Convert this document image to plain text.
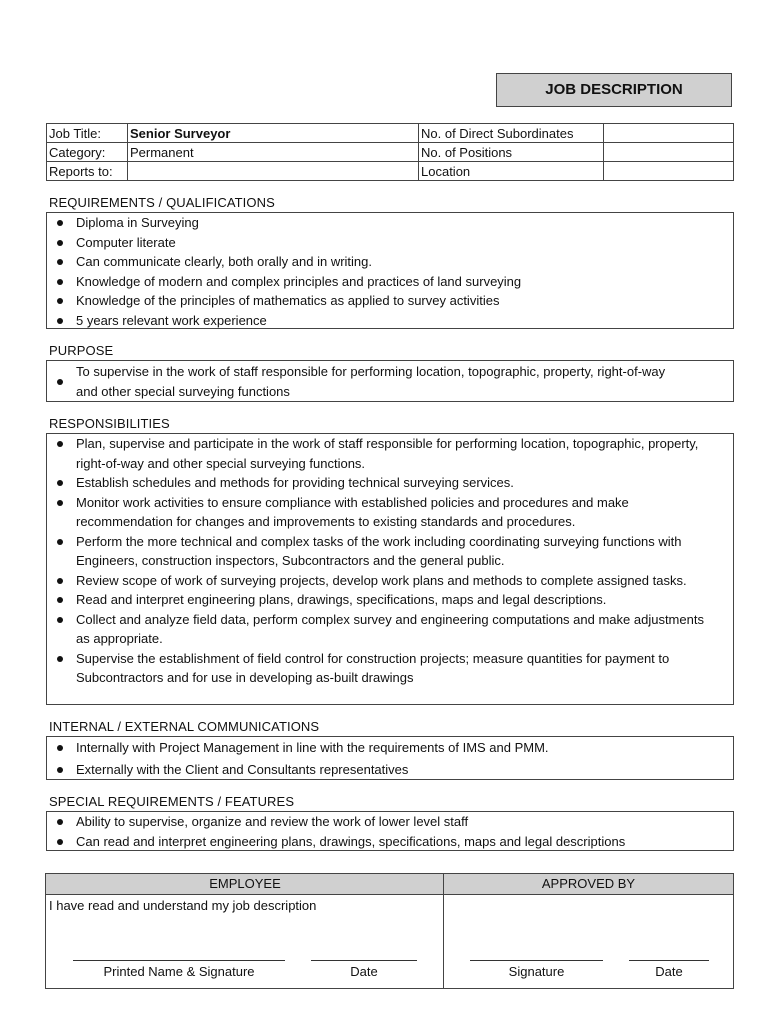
JOB DESCRIPTION
Job Title:	Senior Surveyor	No. of Direct Subordinates	
Category:	Permanent	No. of Positions	
Reports to:		Location	
REQUIREMENTS / QUALIFICATIONS
Diploma in Surveying
Computer literate
Can communicate clearly, both orally and in writing.
Knowledge of modern and complex principles and practices of land surveying
Knowledge of the principles of mathematics as applied to survey activities
5 years relevant work experience
PURPOSE
To supervise in the work of staff responsible for performing location, topographic, property, right-of-way and other special surveying functions
RESPONSIBILITIES
Plan, supervise and participate in the work of staff responsible for performing location, topographic, property, right-of-way and other special surveying functions.
Establish schedules and methods for providing technical surveying services.
Monitor work activities to ensure compliance with established policies and procedures and make recommendation for changes and improvements to existing standards and procedures.
Perform the more technical and complex tasks of the work including coordinating surveying functions with Engineers, construction inspectors, Subcontractors and the general public.
Review scope of work of surveying projects, develop work plans and methods to complete assigned tasks.
Read and interpret engineering plans, drawings, specifications, maps and legal descriptions.
Collect and analyze field data, perform complex survey and engineering computations and make adjustments as appropriate.
Supervise the establishment of field control for construction projects; measure quantities for payment to Subcontractors and for use in developing as-built drawings
INTERNAL / EXTERNAL COMMUNICATIONS
Internally with Project Management in line with the requirements of IMS and PMM.
Externally with the Client and Consultants representatives
SPECIAL REQUIREMENTS / FEATURES
Ability to supervise, organize and review the work of lower level staff
Can read and interpret engineering plans, drawings, specifications, maps and legal descriptions
EMPLOYEE	APPROVED BY
I have read and understand my job description
Printed Name & Signature	Date	Signature	Date
